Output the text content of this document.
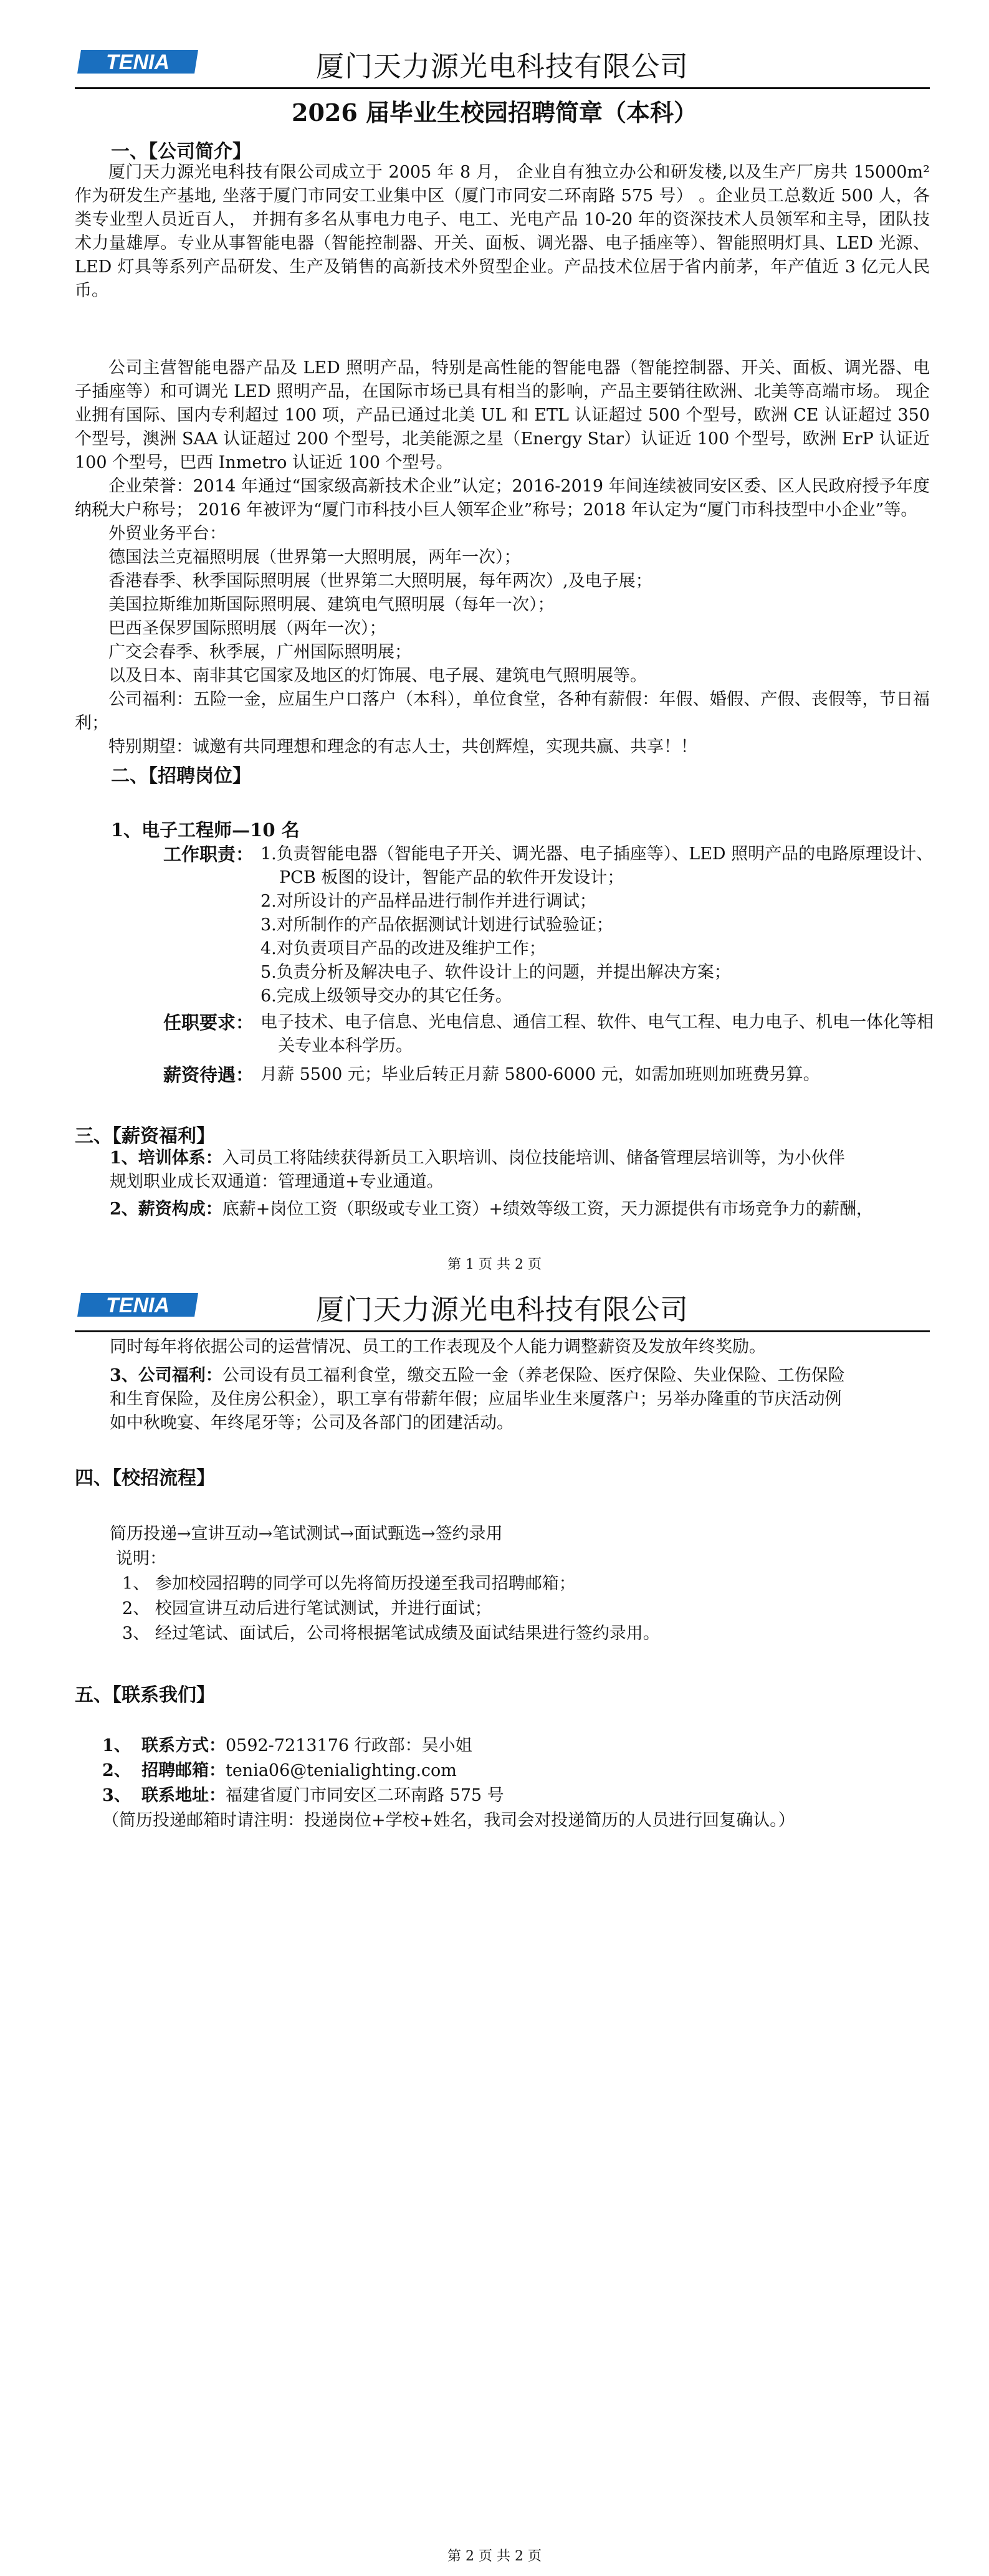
TENIA	厦门天力源光电科技有限公司
2026 届毕业生校园招聘简章（本科）
一、【公司简介】
厦门天力源光电科技有限公司成立于 2005 年 8 月， 企业自有独立办公和研发楼,以及生产厂房共 15000m² 作为研发生产基地, 坐落于厦门市同安工业集中区（厦门市同安二环南路 575 号） 。企业员工总数近 500 人，各类专业型人员近百人， 并拥有多名从事电力电子、电工、光电产品 10-20 年的资深技术人员领军和主导，团队技术力量雄厚。专业从事智能电器（智能控制器、开关、面板、调光器、电子插座等）、智能照明灯具、LED 光源、LED 灯具等系列产品研发、生产及销售的高新技术外贸型企业。产品技术位居于省内前茅，年产值近 3 亿元人民币。
公司主营智能电器产品及 LED 照明产品，特别是高性能的智能电器（智能控制器、开关、面板、调光器、电子插座等）和可调光 LED 照明产品，在国际市场已具有相当的影响，产品主要销往欧洲、北美等高端市场。 现企业拥有国际、国内专利超过 100 项，产品已通过北美 UL 和 ETL 认证超过 500 个型号，欧洲 CE 认证超过 350 个型号，澳洲 SAA 认证超过 200 个型号，北美能源之星（Energy Star）认证近 100 个型号，欧洲 ErP 认证近 100 个型号，巴西 Inmetro 认证近 100 个型号。
企业荣誉：2014 年通过“国家级高新技术企业”认定；2016-2019 年间连续被同安区委、区人民政府授予年度纳税大户称号； 2016 年被评为“厦门市科技小巨人领军企业”称号；2018 年认定为“厦门市科技型中小企业”等。
外贸业务平台：
德国法兰克福照明展（世界第一大照明展，两年一次）；
香港春季、秋季国际照明展（世界第二大照明展，每年两次）,及电子展；
美国拉斯维加斯国际照明展、建筑电气照明展（每年一次）；
巴西圣保罗国际照明展（两年一次）；
广交会春季、秋季展，广州国际照明展；
以及日本、南非其它国家及地区的灯饰展、电子展、建筑电气照明展等。
公司福利：五险一金，应届生户口落户（本科），单位食堂，各种有薪假：年假、婚假、产假、丧假等，节日福利；
特别期望：诚邀有共同理想和理念的有志人士，共创辉煌，实现共赢、共享！！
二、【招聘岗位】
1、电子工程师—10 名
工作职责： 1.负责智能电器（智能电子开关、调光器、电子插座等）、LED 照明产品的电路原理设计、
PCB 板图的设计，智能产品的软件开发设计；
2.对所设计的产品样品进行制作并进行调试；
3.对所制作的产品依据测试计划进行试验验证；
4.对负责项目产品的改进及维护工作；
5.负责分析及解决电子、软件设计上的问题，并提出解决方案；
6.完成上级领导交办的其它任务。
任职要求： 电子技术、电子信息、光电信息、通信工程、软件、电气工程、电力电子、机电一体化等相
关专业本科学历。
薪资待遇： 月薪 5500 元；毕业后转正月薪 5800-6000 元，如需加班则加班费另算。
三、【薪资福利】
1、培训体系：入司员工将陆续获得新员工入职培训、岗位技能培训、储备管理层培训等，为小伙伴
规划职业成长双通道：管理通道+专业通道。
2、薪资构成：底薪+岗位工资（职级或专业工资）+绩效等级工资，天力源提供有市场竞争力的薪酬，
第 1 页 共 2 页
TENIA	厦门天力源光电科技有限公司
同时每年将依据公司的运营情况、员工的工作表现及个人能力调整薪资及发放年终奖励。
3、公司福利：公司设有员工福利食堂，缴交五险一金（养老保险、医疗保险、失业保险、工伤保险
和生育保险，及住房公积金），职工享有带薪年假；应届毕业生来厦落户；另举办隆重的节庆活动例
如中秋晚宴、年终尾牙等；公司及各部门的团建活动。
四、【校招流程】
简历投递→宣讲互动→笔试测试→面试甄选→签约录用
说明：
1、 参加校园招聘的同学可以先将简历投递至我司招聘邮箱；
2、 校园宣讲互动后进行笔试测试，并进行面试；
3、 经过笔试、面试后，公司将根据笔试成绩及面试结果进行签约录用。
五、【联系我们】
1、 联系方式：0592-7213176 行政部：吴小姐
2、 招聘邮箱：tenia06@tenialighting.com
3、 联系地址：福建省厦门市同安区二环南路 575 号
（简历投递邮箱时请注明：投递岗位+学校+姓名，我司会对投递简历的人员进行回复确认。）
第 2 页 共 2 页
